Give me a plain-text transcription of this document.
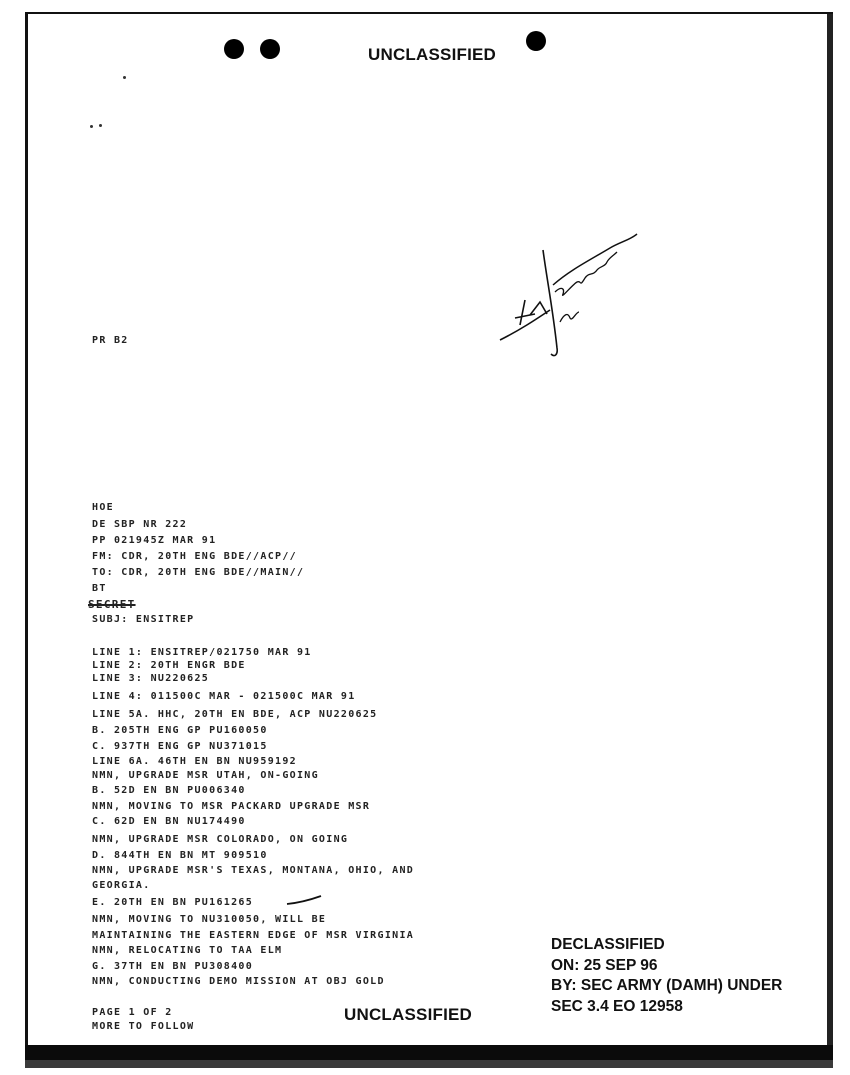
UNCLASSIFIED
PR B2
HOE
DE SBP NR 222
PP 021945Z MAR 91
FM: CDR, 20TH ENG BDE//ACP//
TO: CDR, 20TH ENG BDE//MAIN//
BT
SECRET
SUBJ: ENSITREP
LINE 1: ENSITREP/021750 MAR 91
LINE 2: 20TH ENGR BDE
LINE 3: NU220625
LINE 4: 011500C MAR - 021500C MAR 91
LINE 5A. HHC, 20TH EN BDE, ACP NU220625
B. 205TH ENG GP PU160050
C. 937TH ENG GP NU371015
LINE 6A. 46TH EN BN NU959192
NMN, UPGRADE MSR UTAH, ON-GOING
B. 52D EN BN PU006340
NMN, MOVING TO MSR PACKARD UPGRADE MSR
C. 62D EN BN NU174490
NMN, UPGRADE MSR COLORADO, ON GOING
D. 844TH EN BN MT 909510
NMN, UPGRADE MSR'S TEXAS, MONTANA, OHIO, AND
GEORGIA.
E. 20TH EN BN PU161265
NMN, MOVING TO NU310050, WILL BE
MAINTAINING THE EASTERN EDGE OF MSR VIRGINIA
NMN, RELOCATING TO TAA ELM
G. 37TH EN BN PU308400
NMN, CONDUCTING DEMO MISSION AT OBJ GOLD
PAGE 1 OF 2
MORE TO FOLLOW
DECLASSIFIED
ON: 25 SEP 96
BY: SEC ARMY (DAMH) UNDER
SEC 3.4 EO 12958
UNCLASSIFIED
